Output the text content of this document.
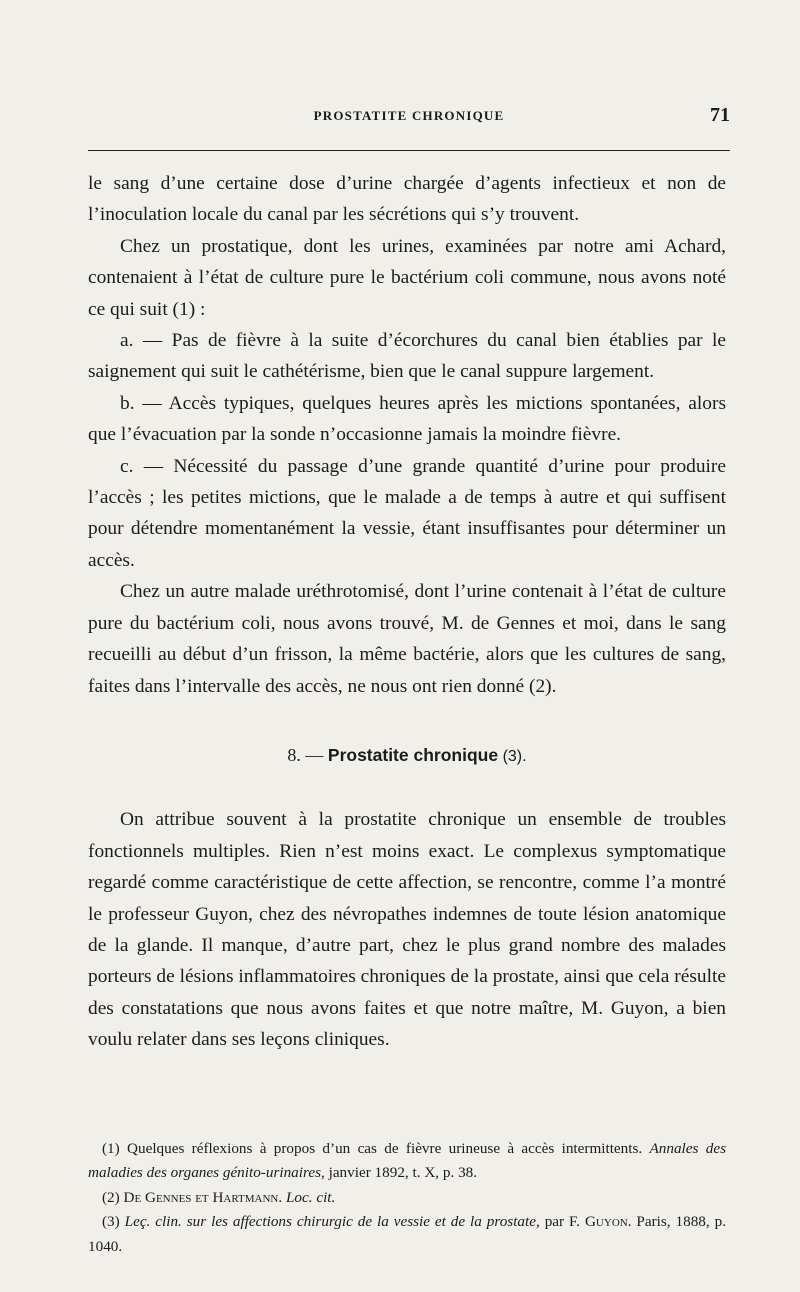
PROSTATITE CHRONIQUE	71

le sang d’une certaine dose d’urine chargée d’agents infectieux et non de l’inoculation locale du canal par les sécrétions qui s’y trouvent.

Chez un prostatique, dont les urines, examinées par notre ami Achard, contenaient à l’état de culture pure le bactérium coli commune, nous avons noté ce qui suit (1) :

a. — Pas de fièvre à la suite d’écorchures du canal bien établies par le saignement qui suit le cathétérisme, bien que le canal suppure largement.

b. — Accès typiques, quelques heures après les mictions spontanées, alors que l’évacuation par la sonde n’occasionne jamais la moindre fièvre.

c. — Nécessité du passage d’une grande quantité d’urine pour produire l’accès ; les petites mictions, que le malade a de temps à autre et qui suffisent pour détendre momentanément la vessie, étant insuffisantes pour déterminer un accès.

Chez un autre malade uréthrotomisé, dont l’urine contenait à l’état de culture pure du bactérium coli, nous avons trouvé, M. de Gennes et moi, dans le sang recueilli au début d’un frisson, la même bactérie, alors que les cultures de sang, faites dans l’intervalle des accès, ne nous ont rien donné (2).

8. — Prostatite chronique (3).

On attribue souvent à la prostatite chronique un ensemble de troubles fonctionnels multiples. Rien n’est moins exact. Le complexus symptomatique regardé comme caractéristique de cette affection, se rencontre, comme l’a montré le professeur Guyon, chez des névropathes indemnes de toute lésion anatomique de la glande. Il manque, d’autre part, chez le plus grand nombre des malades porteurs de lésions inflammatoires chroniques de la prostate, ainsi que cela résulte des constatations que nous avons faites et que notre maître, M. Guyon, a bien voulu relater dans ses leçons cliniques.

(1) Quelques réflexions à propos d’un cas de fièvre urineuse à accès intermittents. Annales des maladies des organes génito-urinaires, janvier 1892, t. X, p. 38.

(2) De Gennes et Hartmann. Loc. cit.

(3) Leç. clin. sur les affections chirurgic de la vessie et de la prostate, par F. Guyon. Paris, 1888, p. 1040.
